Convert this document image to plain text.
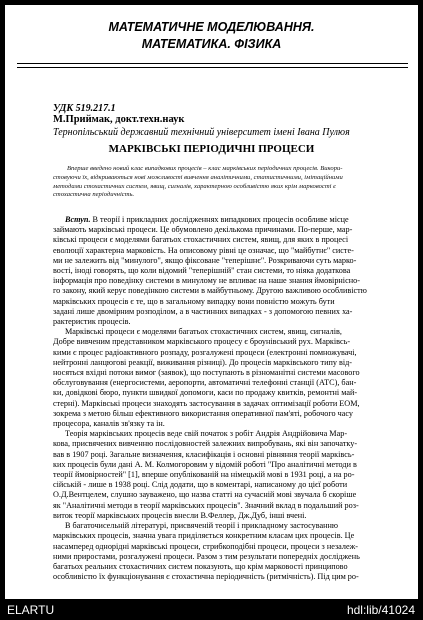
МАТЕМАТИЧНЕ МОДЕЛЮВАННЯ.
МАТЕМАТИКА. ФІЗИКА
УДК 519.217.1
М.Приймак, докт.техн.наук
Тернопільський державний технічний університет імені Івана Пулюя
МАРКІВСЬКІ ПЕРІОДИЧНІ ПРОЦЕСИ
Вперше введено новий клас випадкових процесів – клас марківських періодичних процесів. Викори-
стовуючи їх, відкриваються нові можливості вивчення аналітичними, статистичними, імітаційними
методами стохастичних систем, явищ, сигналів, характерною особливістю яких крім марковості є
стохастична періодичність.
Вступ. В теорії і прикладних дослідженнях випадкових процесів особливе місце
займають марківські процеси. Це обумовлено декількома причинами. По-перше, мар-
ківські процеси є моделями багатьох стохастичних систем, явищ, для яких в процесі
еволюції характерна марковість. На описовому рівні це означає, що "майбутнє" систе-
ми не залежить від "минулого", якщо фіксоване "теперішнє". Розкриваючи суть марко-
вості, іноді говорять, що коли відомий "теперішній" стан системи, то ніяка додаткова
інформація про поведінку системи в минулому не впливає на наше знання ймовірнісно-
го закону, який керує поведінкою системи в майбутньому. Другою важливою особливістю
марківських процесів є те, що в загальному випадку вони повністю можуть бути
задані лише двомірним розподілом, а в частинних випадках - з допомогою певних ха-
рактеристик процесів.
Марківські процеси є моделями багатьох стохастичних систем, явищ, сигналів,
Добре вивченим представником марківського процесу є броунівський рух. Марківсь-
кими є процес радіоактивного розпаду, розгалужені процеси (електронні помножувачі,
нейтронні ланцюгові реакції, виживання різниці). До процесів марківського типу від-
носяться вхідні потоки вимог (заявок), що поступають в різноманітні системи масового
обслуговування (енергосистеми, аеропорти, автоматичні телефонні станції (АТС), бан-
ки, довідкові бюро, пункти швидкої допомоги, каси по продажу квитків, ремонтні май-
стерні). Марківські процеси знаходять застосування в задачах оптимізації роботи ЕОМ,
зокрема з метою більш ефективного використання оперативної пам'яті, робочого часу
процесора, каналів зв'язку та ін.
Теорія марківських процесів веде свій початок з робіт Андрія Андрійовича Мар-
кова, присвячених вивченню послідовностей залежних випробувань, які він започатку-
вав в 1907 році. Загальне визначення, класифікація і основні рівняння теорії марківсь-
ких процесів були дані А. М. Колмогоровим у відомій роботі "Про аналітичні методи в
теорії ймовірностей" [1], вперше опублікованій на німецькій мові в 1931 році, а на ро-
сійській - лише в 1938 році. Слід додати, що в коментарі, написаному до цієї роботи
О.Д.Вентцелем, слушно зауважено, що назва статті на сучасній мові звучала б скоріше
як "Аналітичні методи в теорії марківських процесів". Значний вклад в подальший роз-
виток теорії марківських процесів внесли В.Феллер, Дж.Дуб, інші вчені.
В багаточисельній літературі, присвяченій теорії і прикладному застосуванню
марківських процесів, значна увага приділяється конкретним класам цих процесів. Це
насамперед однорідні марківські процеси, стрибкоподібні процеси, процеси з незалеж-
ними приростами, розгалужені процеси. Разом з тим результати попередніх досліджень
багатьох реальних стохастичних систем показують, що крім марковості принципово
особливістю їх функціонування є стохастична періодичність (ритмічність). Під цим ро-
ELARTU	hdl:lib/41024
